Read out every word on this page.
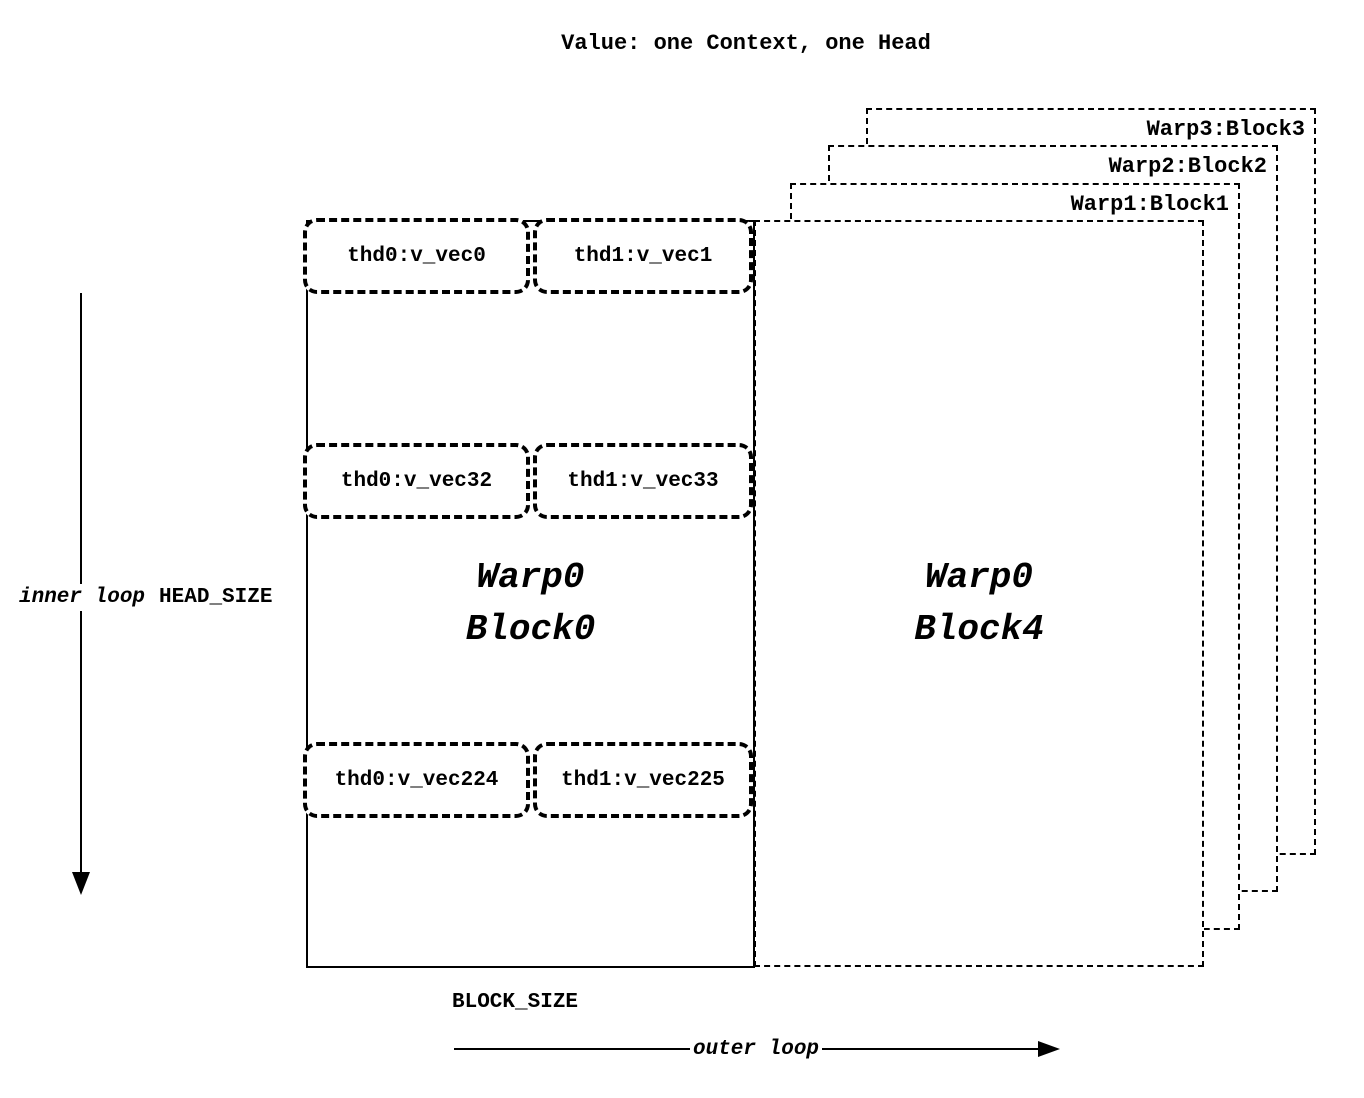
Value: one Context, one Head
Warp3:Block3
Warp2:Block2
Warp1:Block1
Warp0
Block4
Warp0
Block0
thd0:v_vec0	thd1:v_vec1
thd0:v_vec32	thd1:v_vec33
thd0:v_vec224	thd1:v_vec225
inner loop HEAD_SIZE
BLOCK_SIZE
outer loop
